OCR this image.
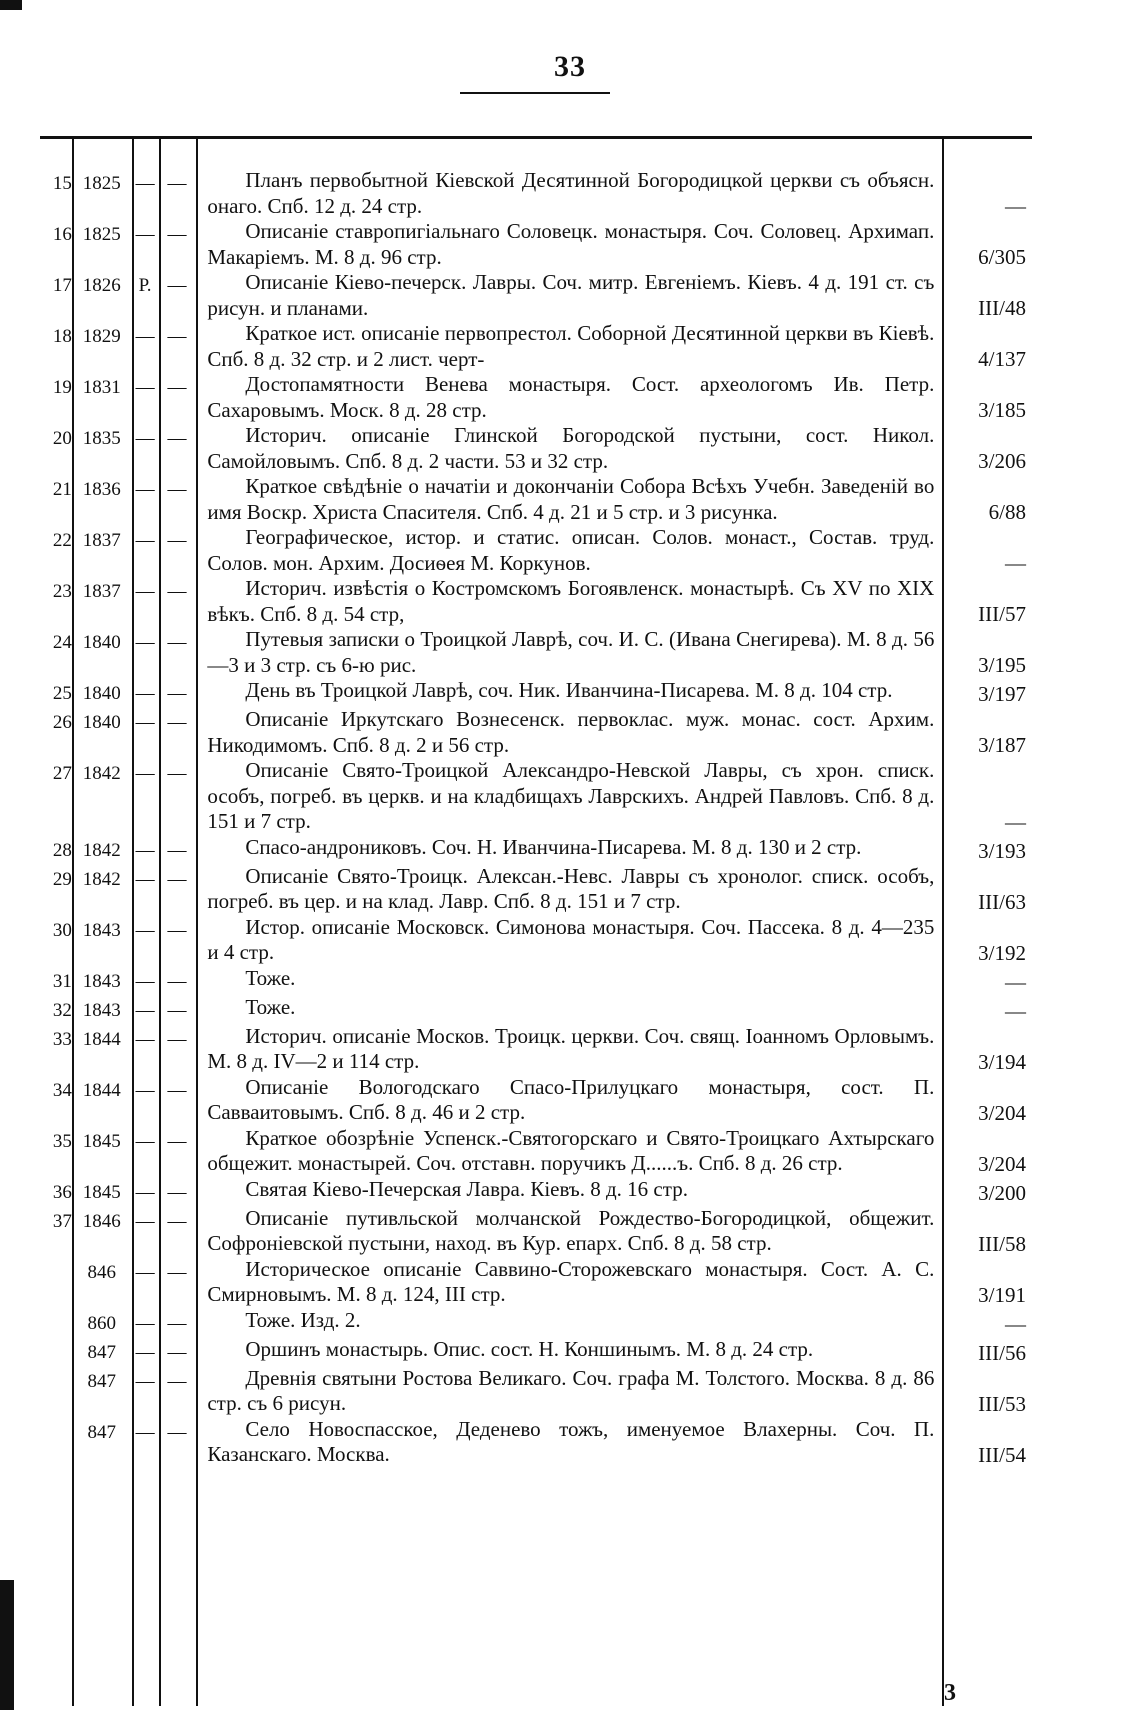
33
15 1825 — —	Планъ первобытной Кіевской Десятинной Богородицкой церкви съ объясн. онаго. Спб. 12 д. 24 стр.	—
16 1825 — —	Описаніе ставропигіальнаго Соловецк. монастыря. Соч. Соловец. Архимап. Макаріемъ. М. 8 д. 96 стр.	6/305
17 1826 Р. —	Описаніе Кіево-печерск. Лавры. Соч. митр. Евгеніемъ. Кіевъ. 4 д. 191 ст. съ рисун. и планами.	III/48
18 1829 — —	Краткое ист. описаніе первопрестол. Соборной Десятинной церкви въ Кіевѣ. Спб. 8 д. 32 стр. и 2 лист. черт-	4/137
19 1831 — —	Достопамятности Венева монастыря. Сост. археологомъ Ив. Петр. Сахаровымъ. Моск. 8 д. 28 стр.	3/185
20 1835 — —	Историч. описаніе Глинской Богородской пустыни, сост. Никол. Самойловымъ. Спб. 8 д. 2 части. 53 и 32 стр.	3/206
21 1836 — —	Краткое свѣдѣніе о начатіи и докончаніи Собора Всѣхъ Учебн. Заведеній во имя Воскр. Христа Спасителя. Спб. 4 д. 21 и 5 стр. и 3 рисунка.	6/88
22 1837 — —	Географическое, истор. и статис. описан. Солов. монаст., Состав. труд. Солов. мон. Архим. Досиѳея М. Коркунов.	—
23 1837 — —	Историч. извѣстія о Костромскомъ Богоявленск. монастырѣ. Съ XV по XIX вѣкъ. Спб. 8 д. 54 стр,	III/57
24 1840 — —	Путевыя записки о Троицкой Лаврѣ, соч. И. С. (Ивана Снегирева). М. 8 д. 56—3 и 3 стр. съ 6-ю рис.	3/195
25 1840 — —	День въ Троицкой Лаврѣ, соч. Ник. Иванчина-Писарева. М. 8 д. 104 стр.	3/197
26 1840 — —	Описаніе Иркутскаго Вознесенск. первоклас. муж. монас. сост. Архим. Никодимомъ. Спб. 8 д. 2 и 56 стр.	3/187
27 1842 — —	Описаніе Свято-Троицкой Александро-Невской Лавры, съ хрон. списк. особъ, погреб. въ церкв. и на кладбищахъ Лаврскихъ. Андрей Павловъ. Спб. 8 д. 151 и 7 стр.	—
28 1842 — —	Спасо-андрониковъ. Соч. Н. Иванчина-Писарева. М. 8 д. 130 и 2 стр.	3/193
29 1842 — —	Описаніе Свято-Троицк. Алексан.-Невс. Лавры съ хронолог. списк. особъ, погреб. въ цер. и на клад. Лавр. Спб. 8 д. 151 и 7 стр.	III/63
30 1843 — —	Истор. описаніе Московск. Симонова монастыря. Соч. Пассека. 8 д. 4—235 и 4 стр.	3/192
31 1843 — —	Тоже.	—
32 1843 — —	Тоже.	—
33 1844 — —	Историч. описаніе Москов. Троицк. церкви. Соч. свящ. Іоанномъ Орловымъ. М. 8 д. IV—2 и 114 стр.	3/194
34 1844 — —	Описаніе Вологодскаго Спасо-Прилуцкаго монастыря, сост. П. Савваитовымъ. Спб. 8 д. 46 и 2 стр.	3/204
35 1845 — —	Краткое обозрѣніе Успенск.-Святогорскаго и Свято-Троицкаго Ахтырскаго общежит. монастырей. Соч. отставн. поручикъ Д......ъ. Спб. 8 д. 26 стр.	3/204
36 1845 — —	Святая Кіево-Печерская Лавра. Кіевъ. 8 д. 16 стр.	3/200
37 1846 — —	Описаніе путивльской молчанской Рождество-Богородицкой, общежит. Софроніевской пустыни, наход. въ Кур. епарх. Спб. 8 д. 58 стр.	III/58
846	— —	Историческое описаніе Саввино-Сторожевскаго монастыря. Сост. А. С. Смирновымъ. М. 8 д. 124, III стр.	3/191
860	— —	Тоже. Изд. 2.	—
847	— —	Оршинъ монастырь. Опис. сост. Н. Коншинымъ. М. 8 д. 24 стр.	III/56
847	— —	Древнія святыни Ростова Великаго. Соч. графа М. Толстого. Москва. 8 д. 86 стр. съ 6 рисун.	III/53
847	— —	Село Новоспасское, Деденево тожъ, именуемое Влахерны. Соч. П. Казанскаго. Москва.	III/54
3
